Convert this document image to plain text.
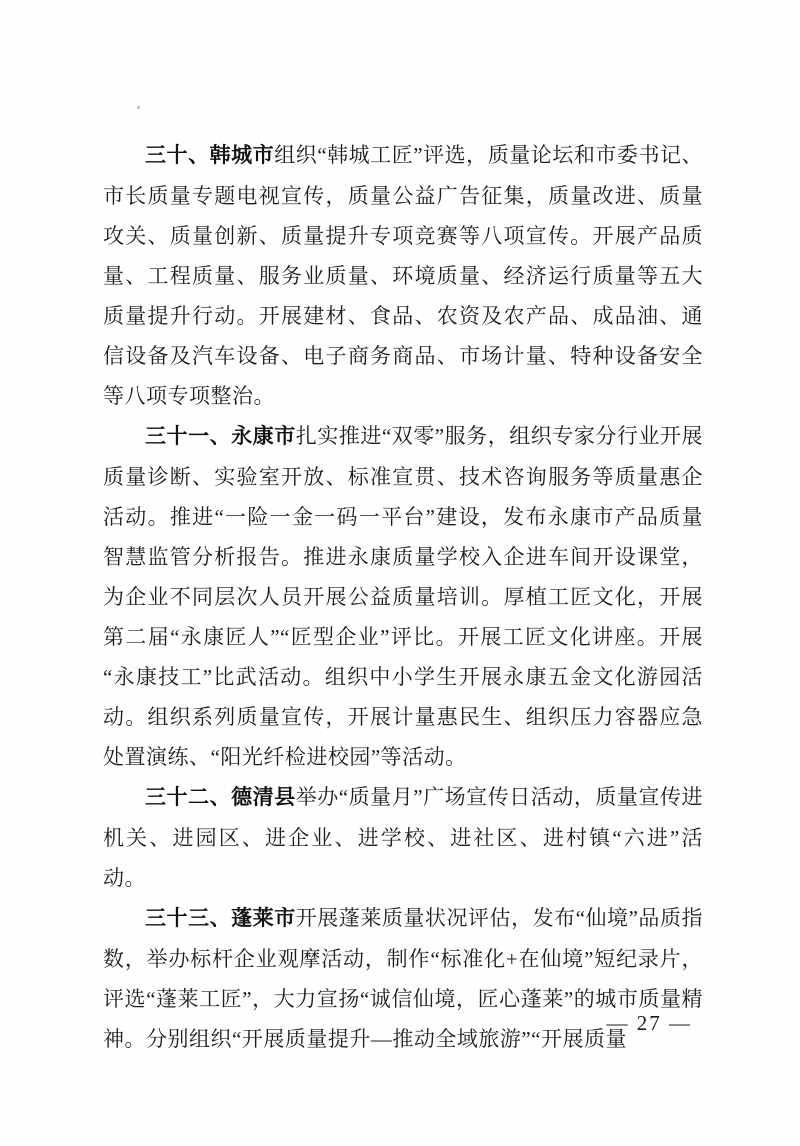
三十、韩城市组织“韩城工匠”评选，质量论坛和市委书记、市长质量专题电视宣传，质量公益广告征集，质量改进、质量攻关、质量创新、质量提升专项竞赛等八项宣传。开展产品质量、工程质量、服务业质量、环境质量、经济运行质量等五大质量提升行动。开展建材、食品、农资及农产品、成品油、通信设备及汽车设备、电子商务商品、市场计量、特种设备安全等八项专项整治。

三十一、永康市扎实推进“双零”服务，组织专家分行业开展质量诊断、实验室开放、标准宣贯、技术咨询服务等质量惠企活动。推进“一险一金一码一平台”建设，发布永康市产品质量智慧监管分析报告。推进永康质量学校入企进车间开设课堂，为企业不同层次人员开展公益质量培训。厚植工匠文化，开展第二届“永康匠人”“匠型企业”评比。开展工匠文化讲座。开展“永康技工”比武活动。组织中小学生开展永康五金文化游园活动。组织系列质量宣传，开展计量惠民生、组织压力容器应急处置演练、“阳光纤检进校园”等活动。

三十二、德清县举办“质量月”广场宣传日活动，质量宣传进机关、进园区、进企业、进学校、进社区、进村镇“六进”活动。

三十三、蓬莱市开展蓬莱质量状况评估，发布“仙境”品质指数，举办标杆企业观摩活动，制作“标准化+在仙境”短纪录片，评选“蓬莱工匠”，大力宣扬“诚信仙境，匠心蓬莱”的城市质量精神。分别组织“开展质量提升—推动全域旅游”“开展质量

— 27 —
